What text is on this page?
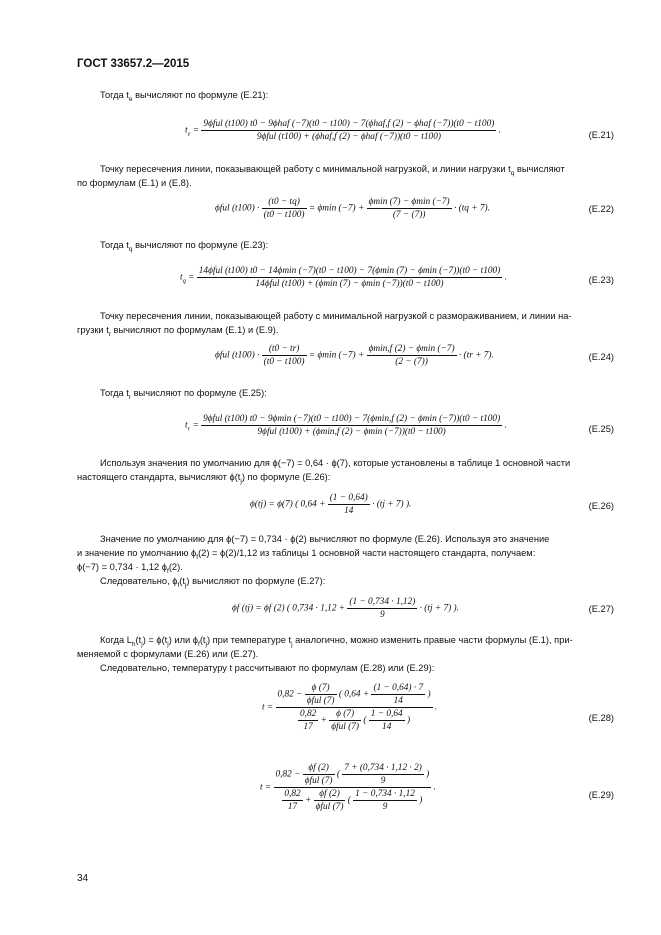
ГОСТ 33657.2—2015
Тогда $t_e$ вычисляют по формуле (Е.21):
$t_e$ =
9ϕful (t100) t0 − 9ϕhaf (−7)(t0 − t100) − 7(ϕhaf,f (2) − ϕhaf (−7))(t0 − t100)
9ϕful (t100) + (ϕhaf,f (2) − ϕhaf (−7))(t0 − t100)
.	(Е.21)
Точку пересечения линии, показывающей работу с минимальной нагрузкой, и линии нагрузки $t_q$ вычисляют
по формулам (Е.1) и (Е.8).
ϕful $(t100) \cdot \frac{(t0 - tq)}{(t0 - t100)} = \phi\min$ $(-7) + \frac{\phi\min (7) - \phi\min (-7)}{(7 - (7))} \cdot (tq + 7)$.	(Е.22)
Тогда $t_q$ вычисляют по формуле (Е.23):
$t_q$ =
14ϕful (t100) t0 − 14ϕmin (−7)(t0 − t100) − 7(ϕmin (7) − ϕmin (−7))(t0 − t100)
14ϕful (t100) + (ϕmin (7) − ϕmin (−7))(t0 − t100)
.	(Е.23)
Точку пересечения линии, показывающей работу с минимальной нагрузкой с размораживанием, и линии на-
грузки $t_r$ вычисляют по формулам (Е.1) и (Е.9).
ϕful $(t100) \cdot \frac{(t0 - tr)}{(t0 - t100)} = \phi\min$ $(-7) + \frac{\phi\min,f (2) - \phi\min (-7)}{(2 - (7))} \cdot (tr + 7)$.	(Е.24)
Тогда $t_r$ вычисляют по формуле (Е.25):
$t_r$ =
9ϕful (t100) t0 − 9ϕmin (−7)(t0 − t100) − 7(ϕmin,f (2) − ϕmin (−7))(t0 − t100)
9ϕful (t100) + (ϕmin,f (2) − ϕmin (−7))(t0 − t100)
.	(Е.25)
Используя значения по умолчанию для ϕ(−7) = 0,64 · ϕ(7), которые установлены в таблице 1 основной части
настоящего стандарта, вычисляют $\phi(t_j)$ по формуле (Е.26):
ϕ(tj) = ϕ(7) ( $0,64 + \frac{(1 - 0,64)}{14} \cdot (tj + 7)$ ).	(Е.26)
Значение по умолчанию для ϕ(−7) = 0,734 · ϕ(2) вычисляют по формуле (Е.26). Используя это значение
и значение по умолчанию $\phi_f(2) = \phi(2)/1,12$ из таблицы 1 основной части настоящего стандарта, получаем:
ϕ(−7) = 0,734 · 1,12 $\phi_f(2)$.
Следовательно, $\phi_f(t_j)$ вычисляют по формуле (Е.27):
ϕf (tj) = ϕf (2) ( $0,734 \cdot 1,12 + \frac{(1 - 0,734 \cdot 1,12)}{9} \cdot (tj + 7)$ ).	(Е.27)
Когда $L_h(t_j) = \phi(t_j)$ или $\phi_f(t_j)$ при температуре $t_j$ аналогично, можно изменить правые части формулы (Е.1), при-
меняемой с формулами (Е.26) или (Е.27).
Следовательно, температуру t рассчитывают по формулам (Е.28) или (Е.29):
t =
$0,82 - \frac{\phi (7)}{\text{ϕful (7)}}$ ( $0,64 + \frac{(1 - 0,64) \cdot 7}{14}$ )
$\frac{0,82}{17} + \frac{\phi (7)}{\text{ϕful (7)}}$ ( $\frac{1 - 0,64}{14}$ )
.
(Е.28)
t =
$0,82 - \frac{\phi f (2)}{\text{ϕful (7)}}$ ( $\frac{7 + (0,734 \cdot 1,12 \cdot 2)}{9}$ )
$\frac{0,82}{17} + \frac{\phi f (2)}{\text{ϕful (7)}}$ ( $\frac{1 - 0,734 \cdot 1,12}{9}$ )
.
(Е.29)
34
